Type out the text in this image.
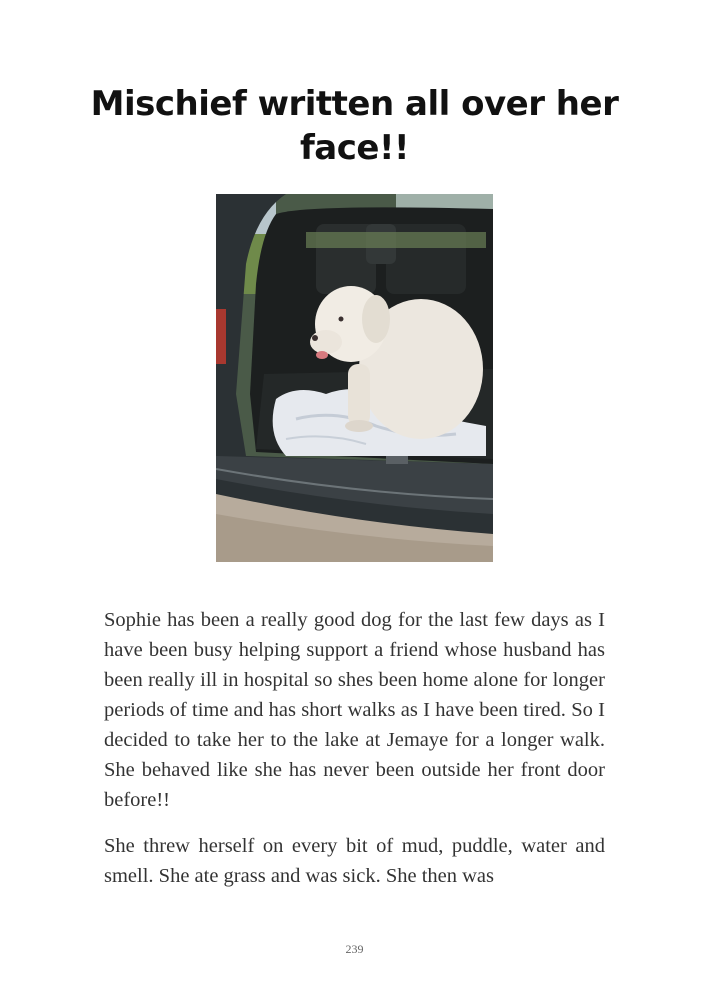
Mischief written all over her face!!

Sophie has been a really good dog for the last few days as I have been busy helping support a friend whose husband has been really ill in hospital so shes been home alone for longer periods of time and has short walks as I have been tired. So I decided to take her to the lake at Jemaye for a longer walk. She behaved like she has never been outside her front door before!!

She threw herself on every bit of mud, puddle, water and smell. She ate grass and was sick. She then was

239
